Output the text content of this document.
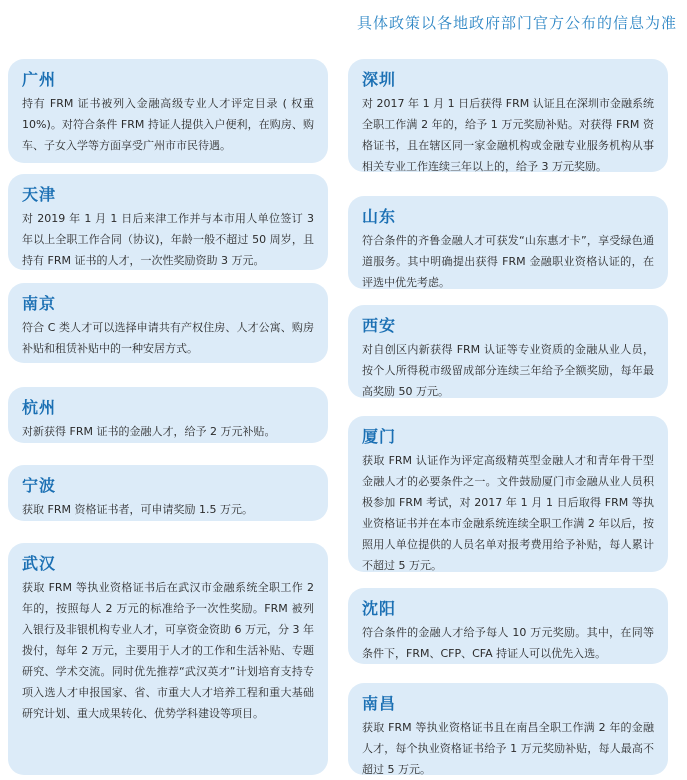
具体政策以各地政府部门官方公布的信息为准
广州
持有 FRM 证书被列入金融高级专业人才评定目录 ( 权重 10%)。对符合条件 FRM 持证人提供入户便利，在购房、购车、子女入学等方面享受广州市市民待遇。
天津
对 2019 年 1 月 1 日后来津工作并与本市用人单位签订 3 年以上全职工作合同（协议)，年龄一般不超过 50 周岁，且持有 FRM 证书的人才，一次性奖励资助 3 万元。
南京
符合 C 类人才可以选择申请共有产权住房、人才公寓、购房补贴和租赁补贴中的一种安居方式。
杭州
对新获得 FRM 证书的金融人才，给予 2 万元补贴。
宁波
获取 FRM 资格证书者，可申请奖励 1.5 万元。
武汉
获取 FRM 等执业资格证书后在武汉市金融系统全职工作 2 年的，按照每人 2 万元的标准给予一次性奖励。FRM 被列入银行及非银机构专业人才，可享资金资助 6 万元，分 3 年拨付，每年 2 万元，主要用于人才的工作和生活补贴、专题研究、学术交流。同时优先推荐“武汉英才”计划培育支持专项入选人才申报国家、省、市重大人才培养工程和重大基础研究计划、重大成果转化、优势学科建设等项目。
深圳
对 2017 年 1 月 1 日后获得 FRM 认证且在深圳市金融系统全职工作满 2 年的，给予 1 万元奖励补贴。对获得 FRM 资格证书，且在辖区同一家金融机构或金融专业服务机构从事相关专业工作连续三年以上的，给予 3 万元奖励。
山东
符合条件的齐鲁金融人才可获发“山东惠才卡”，享受绿色通道服务。其中明确提出获得 FRM 金融职业资格认证的，在评选中优先考虑。
西安
对自创区内新获得 FRM 认证等专业资质的金融从业人员，按个人所得税市级留成部分连续三年给予全额奖励，每年最高奖励 50 万元。
厦门
获取 FRM 认证作为评定高级精英型金融人才和青年骨干型金融人才的必要条件之一。文件鼓励厦门市金融从业人员积极参加 FRM 考试，对 2017 年 1 月 1 日后取得 FRM 等执业资格证书并在本市金融系统连续全职工作满 2 年以后，按照用人单位提供的人员名单对报考费用给予补贴，每人累计不超过 5 万元。
沈阳
符合条件的金融人才给予每人 10 万元奖励。其中，在同等条件下，FRM、CFP、CFA 持证人可以优先入选。
南昌
获取 FRM 等执业资格证书且在南昌全职工作满 2 年的金融人才，每个执业资格证书给予 1 万元奖励补贴，每人最高不超过 5 万元。
